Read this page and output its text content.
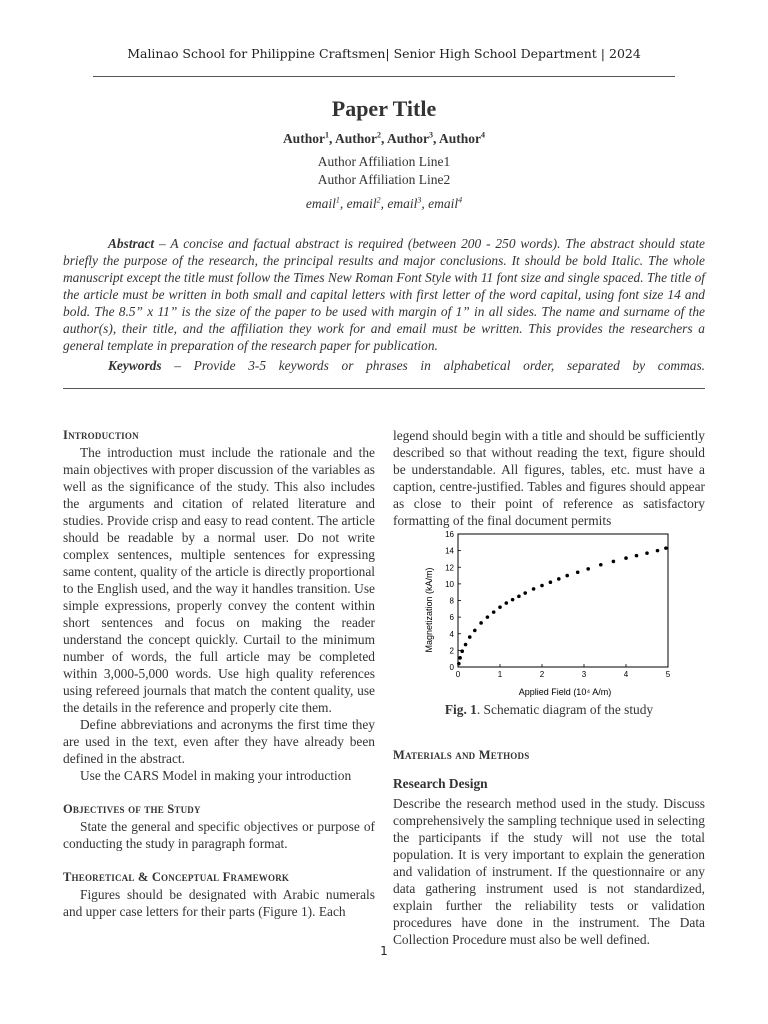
Malinao School for Philippine Craftsmen| Senior High School Department | 2024
Paper Title
Author$^1$, Author$^2$, Author$^3$, Author$^4$
Author Affiliation Line1
Author Affiliation Line2
email$^1$, email$^2$, email$^3$, email$^4$
Abstract – A concise and factual abstract is required (between 200 - 250 words). The abstract should state briefly the purpose of the research, the principal results and major conclusions. It should be bold Italic. The whole manuscript except the title must follow the Times New Roman Font Style with 11 font size and single spaced. The title of the article must be written in both small and capital letters with first letter of the word capital, using font size 14 and bold. The 8.5” x 11” is the size of the paper to be used with margin of 1” in all sides. The name and surname of the author(s), their title, and the affiliation they work for and email must be written. This provides the researchers a general template in preparation of the research paper for publication.
Keywords – Provide 3-5 keywords or phrases in alphabetical order, separated by commas.
Introduction

The introduction must include the rationale and the main objectives with proper discussion of the variables as well as the significance of the study. This also includes the arguments and citation of related literature and studies. Provide crisp and easy to read content. The article should be readable by a normal user. Do not write complex sentences, multiple sentences for expressing same content, quality of the article is directly proportional to the English used, and the way it handles transition. Use simple expressions, properly convey the content within short sentences and focus on making the reader understand the concept quickly. Curtail to the minimum number of words, the full article may be completed within 3,000-5,000 words. Use high quality references using refereed journals that match the content quality, use the details in the reference and properly cite them.

Define abbreviations and acronyms the first time they are used in the text, even after they have already been defined in the abstract.

Use the CARS Model in making your introduction

Objectives of the Study

State the general and specific objectives or purpose of conducting the study in paragraph format.

Theoretical & Conceptual Framework

Figures should be designated with Arabic numerals and upper case letters for their parts (Figure 1). Each

legend should begin with a title and should be sufficiently described so that without reading the text, figure should be understandable. All figures, tables, etc. must have a caption, centre-justified. Tables and figures should appear as close to their point of reference as satisfactory formatting of the final document permits

0	1	2	3	4	5
0
2
4
6
8
10
12
14
16
Applied Field (10⁴ A/m)
Magnetization (kA/m)
Fig. 1. Schematic diagram of the study
Materials and Methods
Research Design

Describe the research method used in the study. Discuss comprehensively the sampling technique used in selecting the participants if the study will not use the total population. It is very important to explain the generation and validation of instrument. If the questionnaire or any data gathering instrument used is not standardized, explain further the reliability tests or validation procedures have done in the instrument. The Data Collection Procedure must also be well defined.

1
